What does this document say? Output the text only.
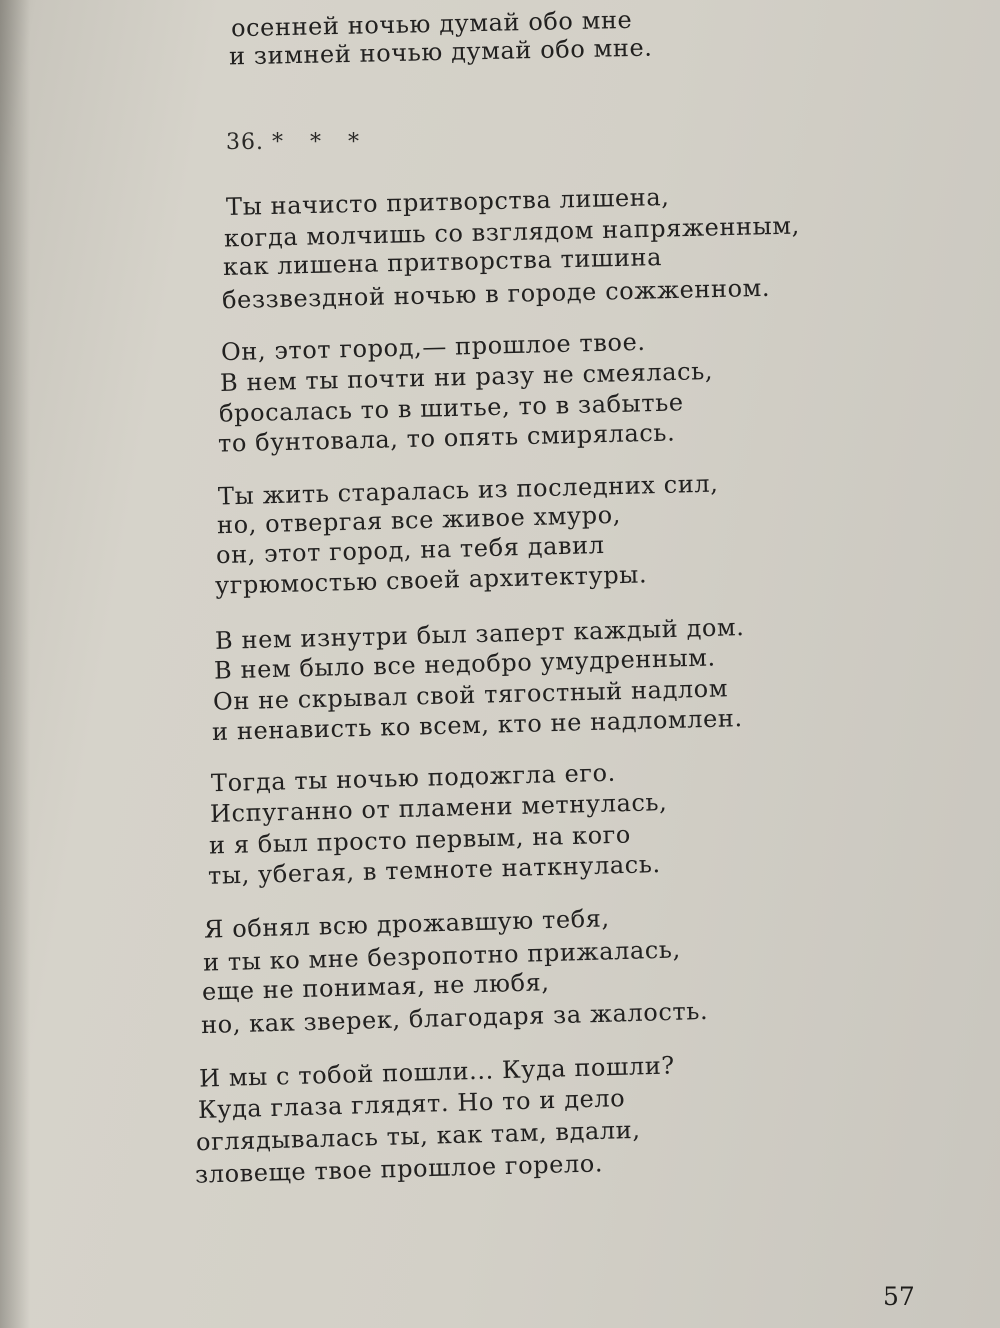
осенней ночью думай обо мне
и зимней ночью думай обо мне.
36. * * *
Ты начисто притворства лишена,
когда молчишь со взглядом напряженным,
как лишена притворства тишина
беззвездной ночью в городе сожженном.
Он, этот город,— прошлое твое.
В нем ты почти ни разу не смеялась,
бросалась то в шитье, то в забытье
то бунтовала, то опять смирялась.
Ты жить старалась из последних сил,
но, отвергая все живое хмуро,
он, этот город, на тебя давил
угрюмостью своей архитектуры.
В нем изнутри был заперт каждый дом.
В нем было все недобро умудренным.
Он не скрывал свой тягостный надлом
и ненависть ко всем, кто не надломлен.
Тогда ты ночью подожгла его.
Испуганно от пламени метнулась,
и я был просто первым, на кого
ты, убегая, в темноте наткнулась.
Я обнял всю дрожавшую тебя,
и ты ко мне безропотно прижалась,
еще не понимая, не любя,
но, как зверек, благодаря за жалость.
И мы с тобой пошли... Куда пошли?
Куда глаза глядят. Но то и дело
оглядывалась ты, как там, вдали,
зловеще твое прошлое горело.
57
